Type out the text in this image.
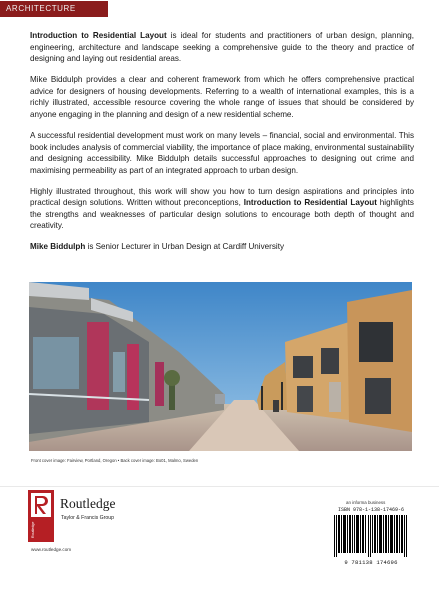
ARCHITECTURE

Introduction to Residential Layout is ideal for students and practitioners of urban design, planning, engineering, architecture and landscape seeking a comprehensive guide to the theory and practice of designing and laying out residential areas.

Mike Biddulph provides a clear and coherent framework from which he offers comprehensive practical advice for designers of housing developments. Referring to a wealth of international examples, this is a richly illustrated, accessible resource covering the whole range of issues that should be considered by anyone engaging in the planning and design of a new residential scheme.

A successful residential development must work on many levels – financial, social and environmental. This book includes analysis of commercial viability, the importance of place making, environmental sustainability and designing accessibility. Mike Biddulph details successful approaches to designing out crime and maximising permeability as part of an integrated approach to urban design.

Highly illustrated throughout, this work will show you how to turn design aspirations and principles into practical design solutions. Written without preconceptions, Introduction to Residential Layout highlights the strengths and weaknesses of particular design solutions to encourage both depth of thought and creativity.

Mike Biddulph is Senior Lecturer in Urban Design at Cardiff University

Front cover image: Fairview, Portland, Oregon • Back cover image: Bo01, Malmo, Sweden
Routledge
Routledge
Taylor & Francis Group
www.routledge.com
an informa business
ISBN 978-1-138-17469-6
9 781138 174696
